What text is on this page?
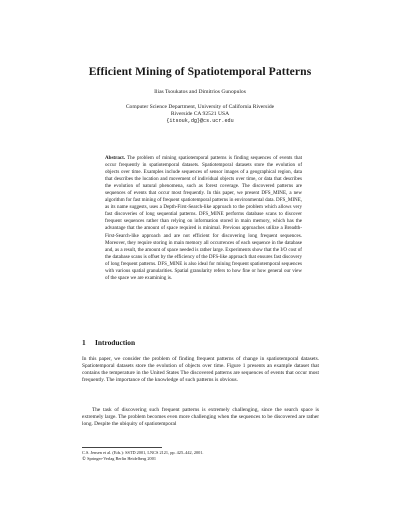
Efficient Mining of Spatiotemporal Patterns
Ilias Tsoukatos and Dimitrios Gunopulos
Computer Science Department, University of California Riverside
Riverside CA 92521 USA
{itsouk,dg}@cs.ucr.edu

Abstract. The problem of mining spatiotemporal patterns is finding sequences of events that occur frequently in spatiotemporal datasets. Spatiotemporal datasets store the evolution of objects over time. Examples include sequences of sensor images of a geographical region, data that describes the location and movement of individual objects over time, or data that describes the evolution of natural phenomena, such as forest coverage. The discovered patterns are sequences of events that occur most frequently. In this paper, we present DFS_MINE, a new algorithm for fast mining of frequent spatiotemporal patterns in environmental data. DFS_MINE, as its name suggests, uses a Depth-First-Search-like approach to the problem which allows very fast discoveries of long sequential patterns. DFS_MINE performs database scans to discover frequent sequences rather than relying on information stored in main memory, which has the advantage that the amount of space required is minimal. Previous approaches utilize a Breadth-First-Search-like approach and are not efficient for discovering long frequent sequences. Moreover, they require storing in main memory all occurrences of each sequence in the database and, as a result, the amount of space needed is rather large. Experiments show that the I/O cost of the database scans is offset by the efficiency of the DFS-like approach that ensures fast discovery of long frequent patterns. DFS_MINE is also ideal for mining frequent spatiotemporal sequences with various spatial granularities. Spatial granularity refers to how fine or how general our view of the space we are examining is.

1 Introduction

In this paper, we consider the problem of finding frequent patterns of change in spatiotemporal datasets. Spatiotemporal datasets store the evolution of objects over time. Figure 1 presents an example dataset that contains the temperature in the United States The discovered patterns are sequences of events that occur most frequently. The importance of the knowledge of such patterns is obvious.

The task of discovering such frequent patterns is extremely challenging, since the search space is extremely large. The problem becomes even more challenging when the sequences to be discovered are rather long. Despite the ubiquity of spatiotemporal

C.S. Jensen et al. (Eds.): SSTD 2001, LNCS 2121, pp. 425–442, 2001.
© Springer-Verlag Berlin Heidelberg 2001
